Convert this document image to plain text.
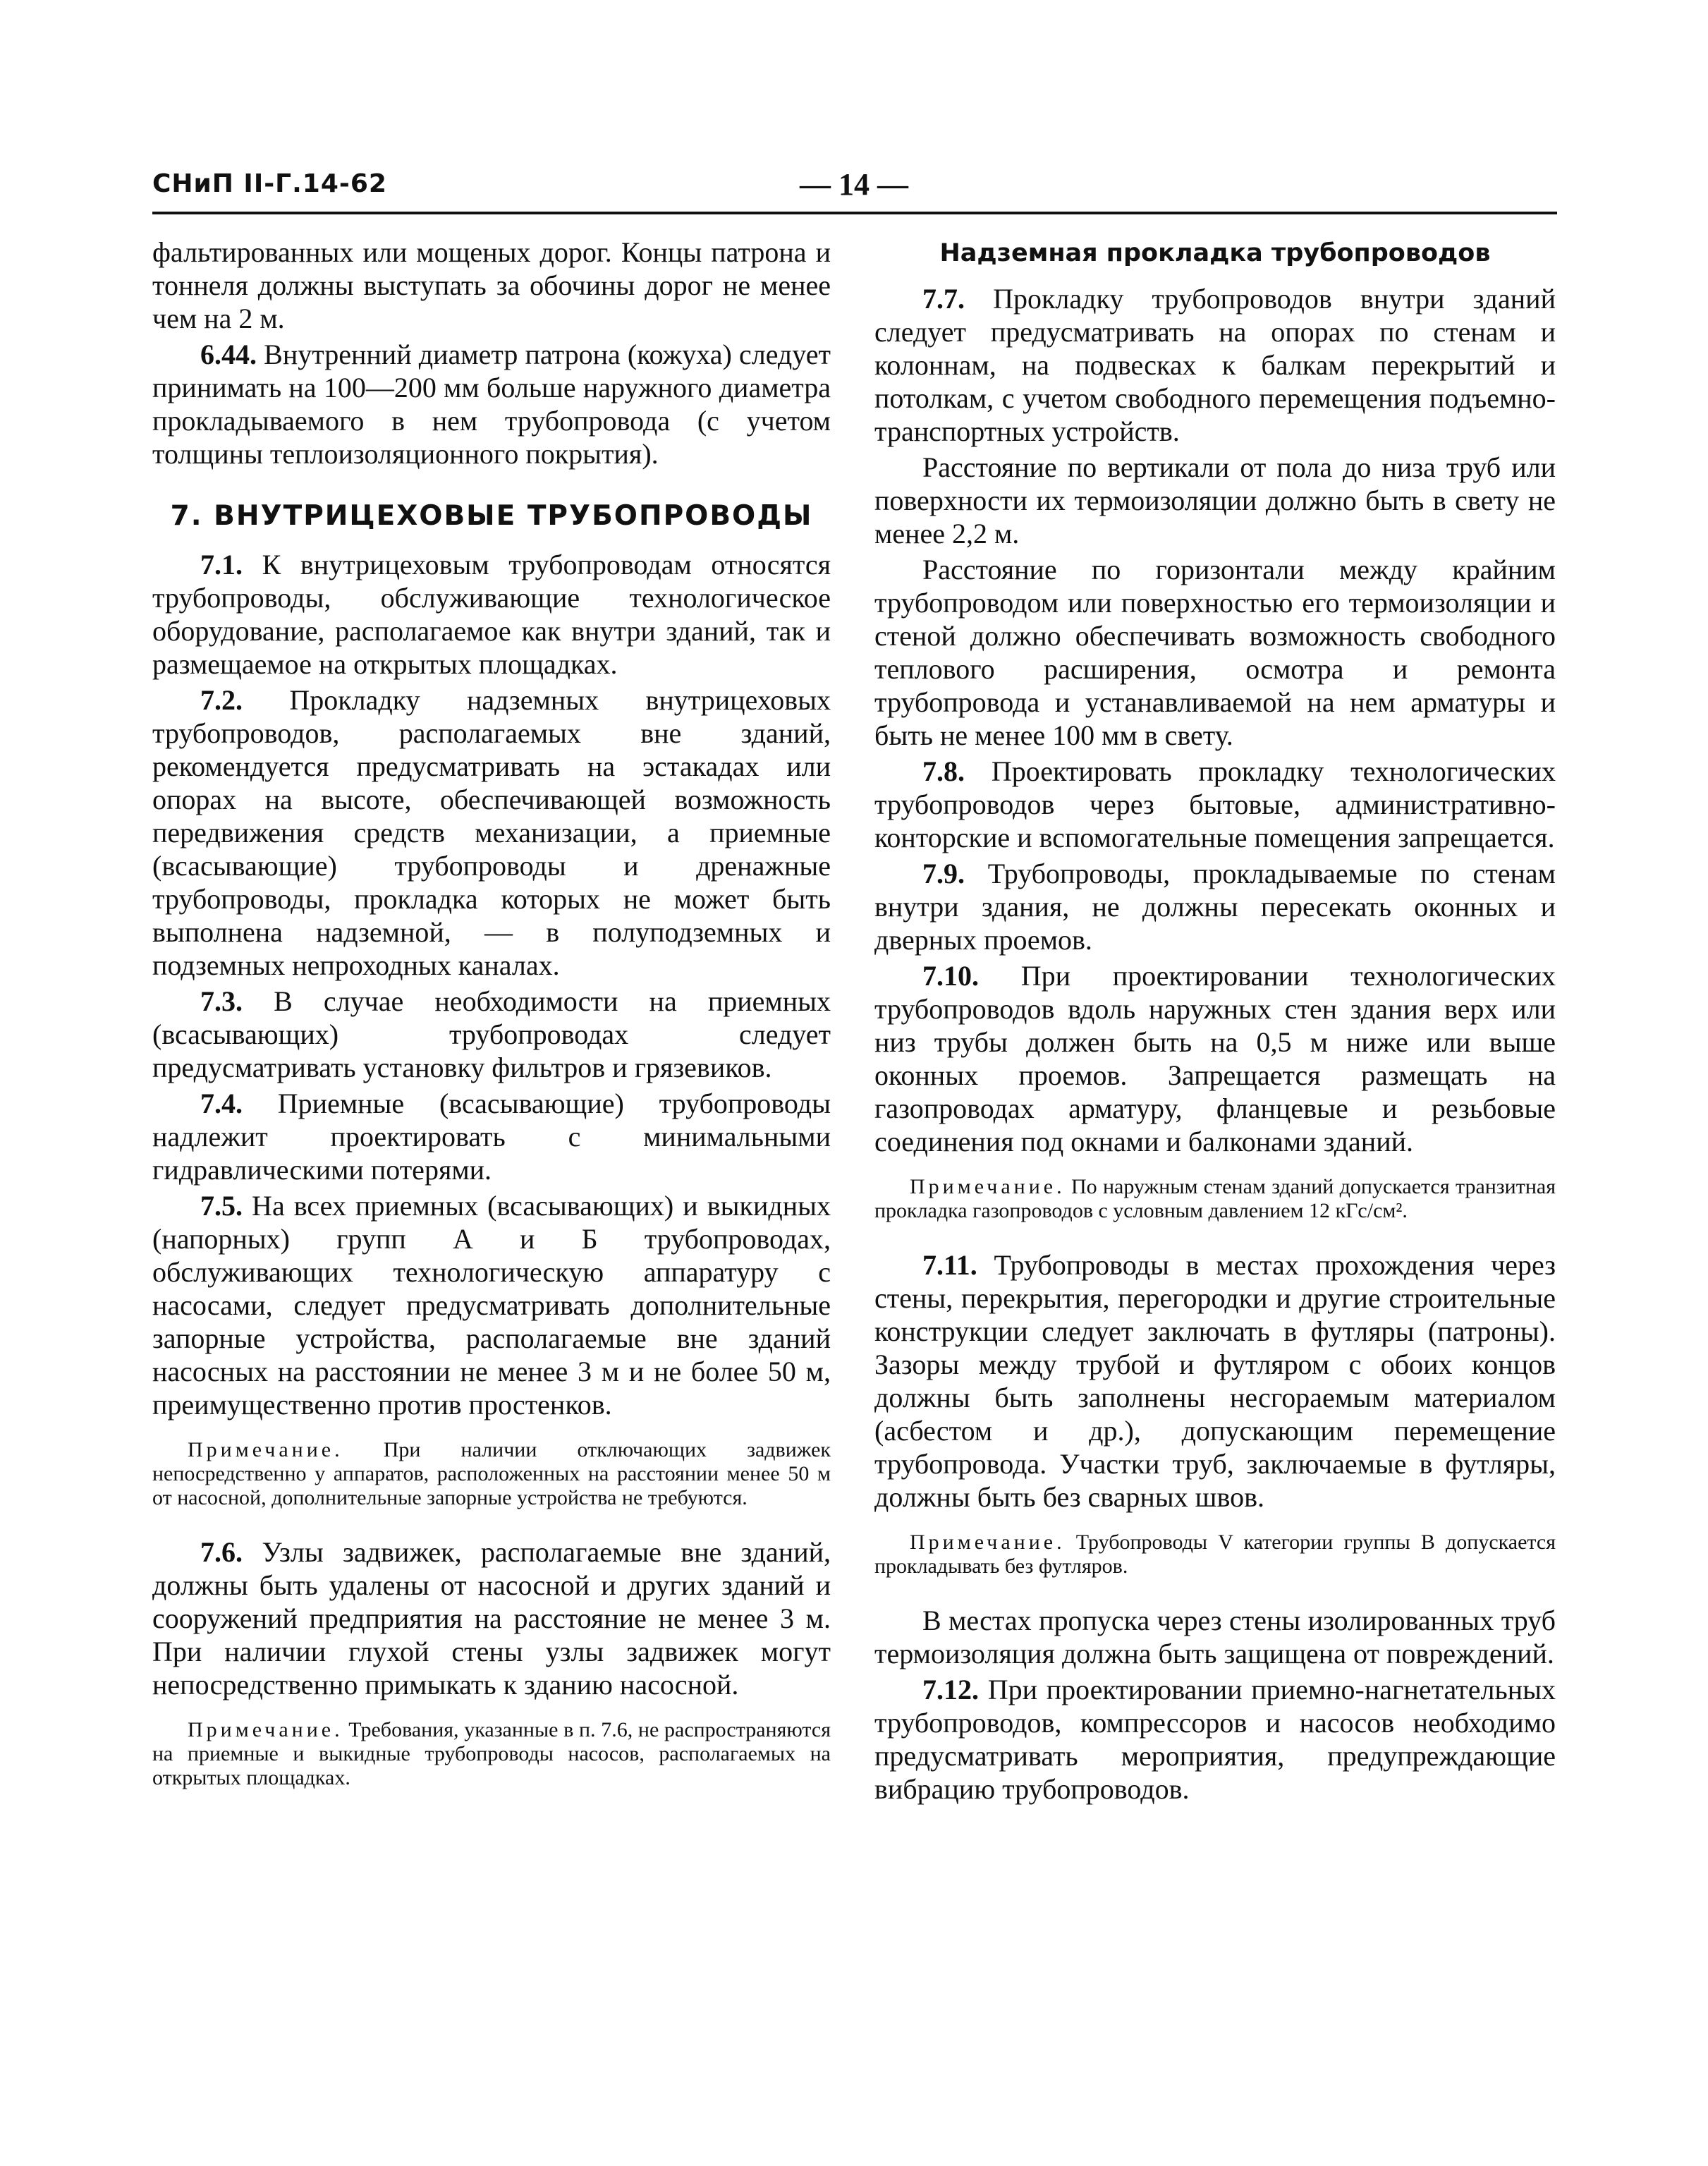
СНиП II-Г.14-62	— 14 —

фальтированных или мощеных дорог. Концы патрона и тоннеля должны выступать за обочины дорог не менее чем на 2 м.

6.44. Внутренний диаметр патрона (кожуха) следует принимать на 100—200 мм больше наружного диаметра прокладываемого в нем трубопровода (с учетом толщины теплоизоляционного покрытия).

7. ВНУТРИЦЕХОВЫЕ ТРУБОПРОВОДЫ

7.1. К внутрицеховым трубопроводам относятся трубопроводы, обслуживающие технологическое оборудование, располагаемое как внутри зданий, так и размещаемое на открытых площадках.

7.2. Прокладку надземных внутрицеховых трубопроводов, располагаемых вне зданий, рекомендуется предусматривать на эстакадах или опорах на высоте, обеспечивающей возможность передвижения средств механизации, а приемные (всасывающие) трубопроводы и дренажные трубопроводы, прокладка которых не может быть выполнена надземной, — в полуподземных и подземных непроходных каналах.

7.3. В случае необходимости на приемных (всасывающих) трубопроводах следует предусматривать установку фильтров и грязевиков.

7.4. Приемные (всасывающие) трубопроводы надлежит проектировать с минимальными гидравлическими потерями.

7.5. На всех приемных (всасывающих) и выкидных (напорных) групп А и Б трубопроводах, обслуживающих технологическую аппаратуру с насосами, следует предусматривать дополнительные запорные устройства, располагаемые вне зданий насосных на расстоянии не менее 3 м и не более 50 м, преимущественно против простенков.

Примечание. При наличии отключающих задвижек непосредственно у аппаратов, расположенных на расстоянии менее 50 м от насосной, дополнительные запорные устройства не требуются.

7.6. Узлы задвижек, располагаемые вне зданий, должны быть удалены от насосной и других зданий и сооружений предприятия на расстояние не менее 3 м. При наличии глухой стены узлы задвижек могут непосредственно примыкать к зданию насосной.

Примечание. Требования, указанные в п. 7.6, не распространяются на приемные и выкидные трубопроводы насосов, располагаемых на открытых площадках.

Надземная прокладка трубопроводов

7.7. Прокладку трубопроводов внутри зданий следует предусматривать на опорах по стенам и колоннам, на подвесках к балкам перекрытий и потолкам, с учетом свободного перемещения подъемно-транспортных устройств.

Расстояние по вертикали от пола до низа труб или поверхности их термоизоляции должно быть в свету не менее 2,2 м.

Расстояние по горизонтали между крайним трубопроводом или поверхностью его термоизоляции и стеной должно обеспечивать возможность свободного теплового расширения, осмотра и ремонта трубопровода и устанавливаемой на нем арматуры и быть не менее 100 мм в свету.

7.8. Проектировать прокладку технологических трубопроводов через бытовые, административно-конторские и вспомогательные помещения запрещается.

7.9. Трубопроводы, прокладываемые по стенам внутри здания, не должны пересекать оконных и дверных проемов.

7.10. При проектировании технологических трубопроводов вдоль наружных стен здания верх или низ трубы должен быть на 0,5 м ниже или выше оконных проемов. Запрещается размещать на газопроводах арматуру, фланцевые и резьбовые соединения под окнами и балконами зданий.

Примечание. По наружным стенам зданий допускается транзитная прокладка газопроводов с условным давлением 12 кГс/см².

7.11. Трубопроводы в местах прохождения через стены, перекрытия, перегородки и другие строительные конструкции следует заключать в футляры (патроны). Зазоры между трубой и футляром с обоих концов должны быть заполнены несгораемым материалом (асбестом и др.), допускающим перемещение трубопровода. Участки труб, заключаемые в футляры, должны быть без сварных швов.

Примечание. Трубопроводы V категории группы В допускается прокладывать без футляров.

В местах пропуска через стены изолированных труб термоизоляция должна быть защищена от повреждений.

7.12. При проектировании приемно-нагнетательных трубопроводов, компрессоров и насосов необходимо предусматривать мероприятия, предупреждающие вибрацию трубопроводов.
